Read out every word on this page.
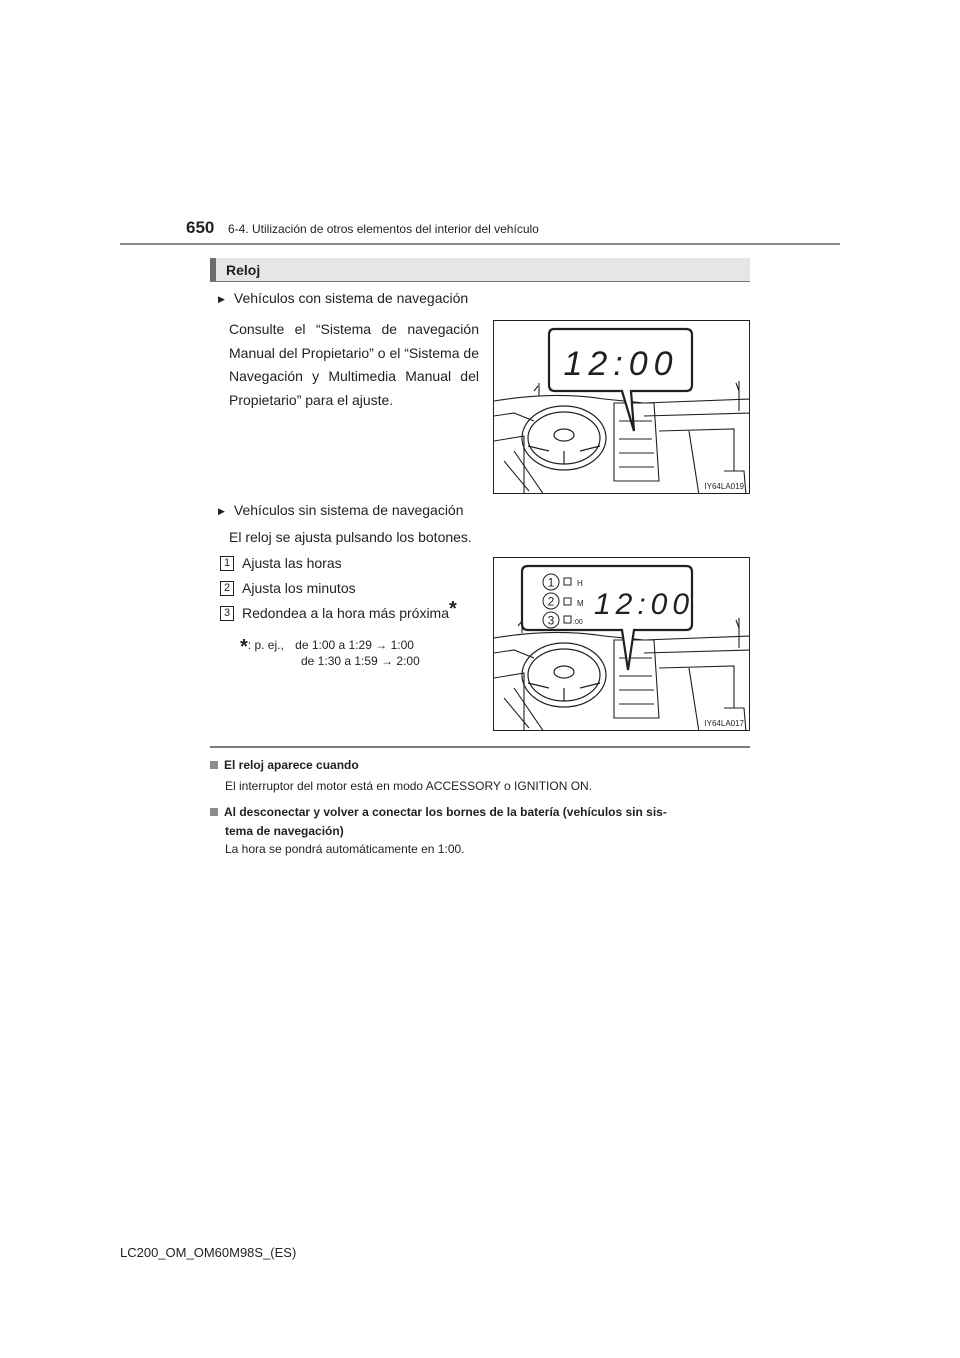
650 6-4. Utilización de otros elementos del interior del vehículo
Reloj
▶ Vehículos con sistema de navegación
Consulte el “Sistema de navegación Manual del Propietario” o el “Sistema de Navegación y Multimedia Manual del Propietario” para el ajuste.
12:00
IY64LA019
▶ Vehículos sin sistema de navegación
El reloj se ajusta pulsando los botones.
1 Ajusta las horas
2 Ajusta los minutos
3 Redondea a la hora más próxima*
*: p. ej., de 1:00 a 1:29 → 1:00
de 1:30 a 1:59 → 2:00
1	H
2	M
3	:00
12:00
IY64LA017
El reloj aparece cuando
El interruptor del motor está en modo ACCESSORY o IGNITION ON.
Al desconectar y volver a conectar los bornes de la batería (vehículos sin sis-
tema de navegación)
La hora se pondrá automáticamente en 1:00.
LC200_OM_OM60M98S_(ES)
